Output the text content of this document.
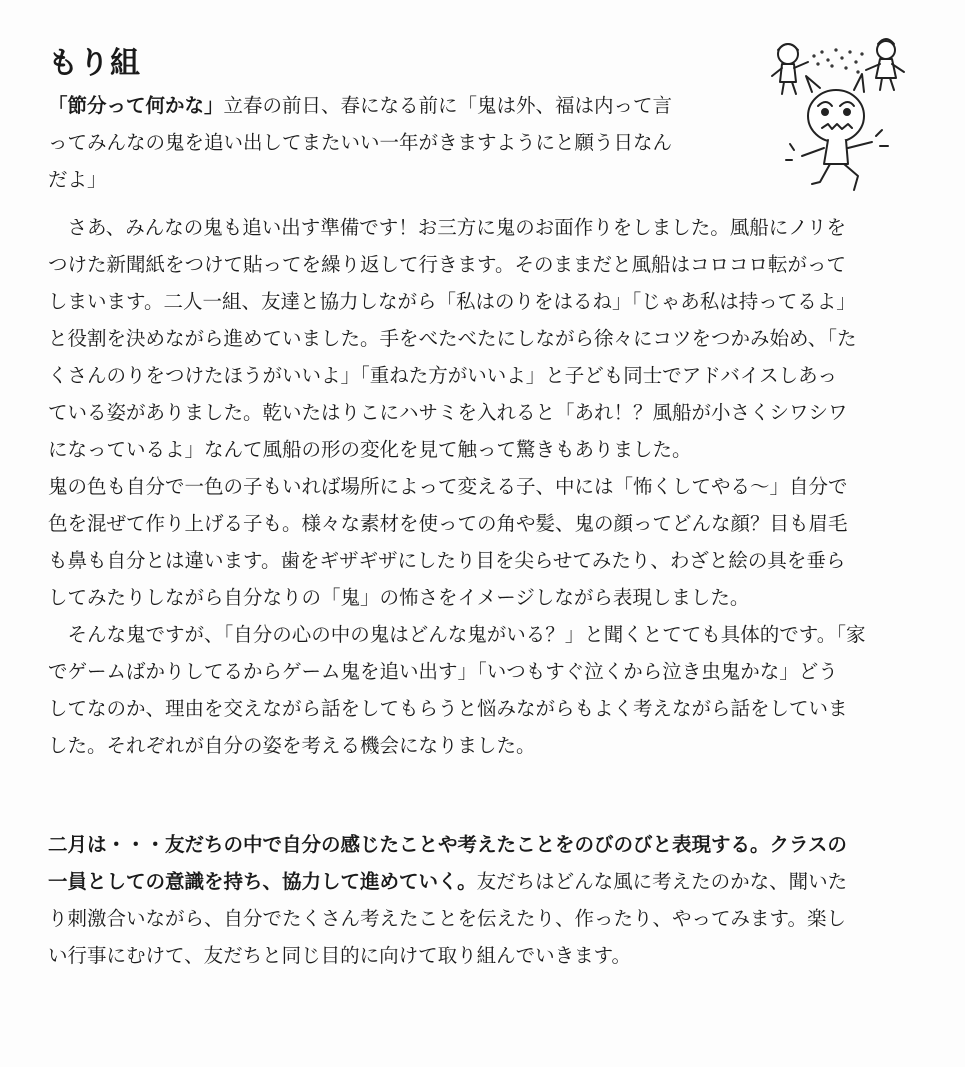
もり組

「節分って何かな」立春の前日、春になる前に「鬼は外、福は内って言

ってみんなの鬼を追い出してまたいい一年がきますようにと願う日なん

だよ」

　さあ、みんなの鬼も追い出す準備です！お三方に鬼のお面作りをしました。風船にノリを

つけた新聞紙をつけて貼ってを繰り返して行きます。そのままだと風船はコロコロ転がって

しまいます。二人一組、友達と協力しながら「私はのりをはるね」「じゃあ私は持ってるよ」

と役割を決めながら進めていました。手をべたべたにしながら徐々にコツをつかみ始め、「た

くさんのりをつけたほうがいいよ」「重ねた方がいいよ」と子ども同士でアドバイスしあっ

ている姿がありました。乾いたはりこにハサミを入れると「あれ！？風船が小さくシワシワ

になっているよ」なんて風船の形の変化を見て触って驚きもありました。

鬼の色も自分で一色の子もいれば場所によって変える子、中には「怖くしてやる～」自分で

色を混ぜて作り上げる子も。様々な素材を使っての角や髪、鬼の顔ってどんな顔？目も眉毛

も鼻も自分とは違います。歯をギザギザにしたり目を尖らせてみたり、わざと絵の具を垂ら

してみたりしながら自分なりの「鬼」の怖さをイメージしながら表現しました。

　そんな鬼ですが、「自分の心の中の鬼はどんな鬼がいる？」と聞くとてても具体的です。「家

でゲームばかりしてるからゲーム鬼を追い出す」「いつもすぐ泣くから泣き虫鬼かな」どう

してなのか、理由を交えながら話をしてもらうと悩みながらもよく考えながら話をしていま

した。それぞれが自分の姿を考える機会になりました。

二月は・・・友だちの中で自分の感じたことや考えたことをのびのびと表現する。クラスの

一員としての意識を持ち、協力して進めていく。友だちはどんな風に考えたのかな、聞いた

り刺激合いながら、自分でたくさん考えたことを伝えたり、作ったり、やってみます。楽し

い行事にむけて、友だちと同じ目的に向けて取り組んでいきます。
